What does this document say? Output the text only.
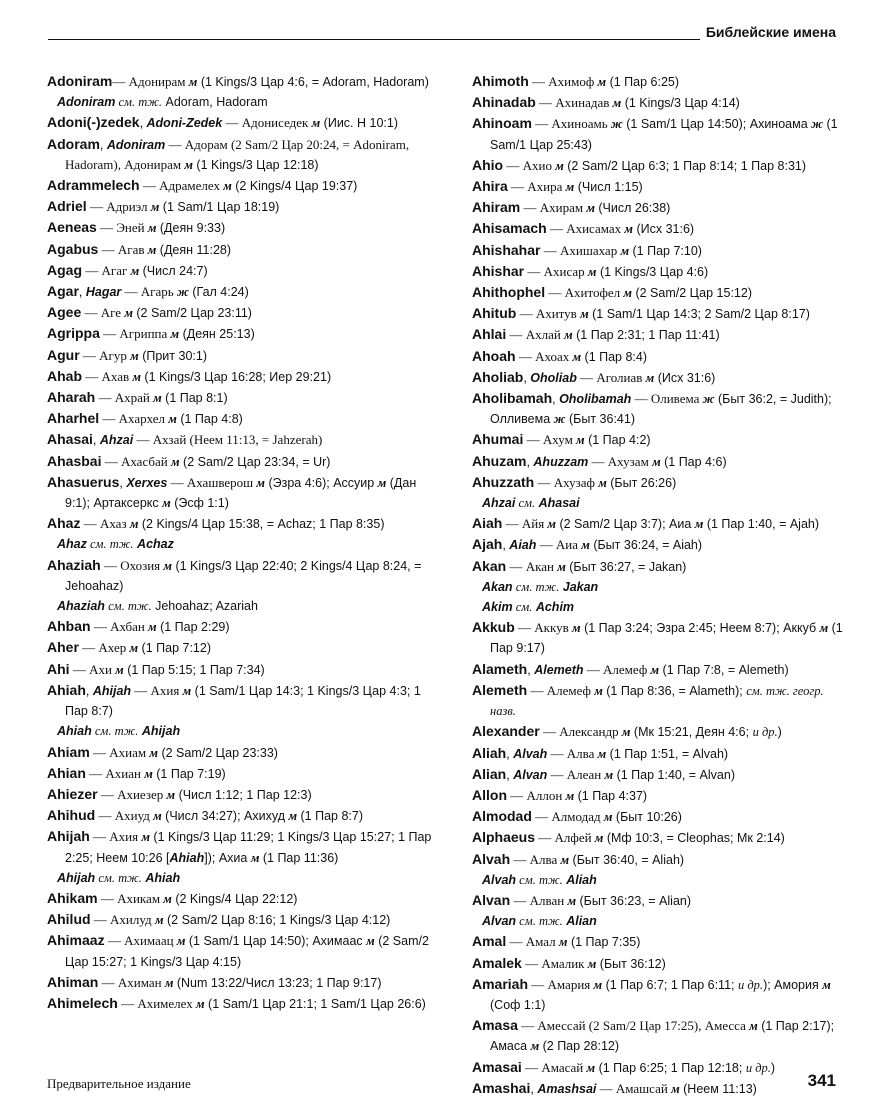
Библейские имена
Adoniram— Адонирам м (1 Kings/3 Цар 4:6, = Adoram, Hadoram)
Adoniram см. тж. Adoram, Hadoram
Adoni(-)zedek, Adoni-Zedek — Адониседек м (Иис. Н 10:1)
Adoram, Adoniram — Адорам (2 Sam/2 Цар 20:24, = Adoniram, Hadoram), Адонирам м (1 Kings/3 Цар 12:18)
Adrammelech — Адрамелех м (2 Kings/4 Цар 19:37)
Adriel — Адриэл м (1 Sam/1 Цар 18:19)
Aeneas — Эней м (Деян 9:33)
Agabus — Агав м (Деян 11:28)
Agag — Агаг м (Числ 24:7)
Agar, Hagar — Агарь ж (Гал 4:24)
Agee — Аге м (2 Sam/2 Цар 23:11)
Agrippa — Агриппа м (Деян 25:13)
Agur — Агур м (Прит 30:1)
Ahab — Ахав м (1 Kings/3 Цар 16:28; Иер 29:21)
Aharah — Ахрай м (1 Пар 8:1)
Aharhel — Ахархел м (1 Пар 4:8)
Ahasai, Ahzai — Ахзай (Неем 11:13, = Jahzerah)
Ahasbai — Ахасбай м (2 Sam/2 Цар 23:34, = Ur)
Ahasuerus, Xerxes — Ахашверош м (Эзра 4:6); Ассуир м (Дан 9:1); Артаксеркс м (Эсф 1:1)
Ahaz — Ахаз м (2 Kings/4 Цар 15:38, = Achaz; 1 Пар 8:35)
Ahaz см. тж. Achaz
Ahaziah — Охозия м (1 Kings/3 Цар 22:40; 2 Kings/4 Цар 8:24, = Jehoahaz)
Ahaziah см. тж. Jehoahaz; Azariah
Ahban — Ахбан м (1 Пар 2:29)
Aher — Ахер м (1 Пар 7:12)
Ahi — Ахи м (1 Пар 5:15; 1 Пар 7:34)
Ahiah, Ahijah — Ахия м (1 Sam/1 Цар 14:3; 1 Kings/3 Цар 4:3; 1 Пар 8:7)
Ahiah см. тж. Ahijah
Ahiam — Ахиам м (2 Sam/2 Цар 23:33)
Ahian — Ахиан м (1 Пар 7:19)
Ahiezer — Ахиезер м (Числ 1:12; 1 Пар 12:3)
Ahihud — Ахиуд м (Числ 34:27); Ахихуд м (1 Пар 8:7)
Ahijah — Ахия м (1 Kings/3 Цар 11:29; 1 Kings/3 Цар 15:27; 1 Пар 2:25; Неем 10:26 [Ahiah]); Ахиа м (1 Пар 11:36)
Ahijah см. тж. Ahiah
Ahikam — Ахикам м (2 Kings/4 Цар 22:12)
Ahilud — Ахилуд м (2 Sam/2 Цар 8:16; 1 Kings/3 Цар 4:12)
Ahimaaz — Ахимаац м (1 Sam/1 Цар 14:50); Ахимаас м (2 Sam/2 Цар 15:27; 1 Kings/3 Цар 4:15)
Ahiman — Ахиман м (Num 13:22/Числ 13:23; 1 Пар 9:17)
Ahimelech — Ахимелех м (1 Sam/1 Цар 21:1; 1 Sam/1 Цар 26:6)
Ahimoth — Ахимоф м (1 Пар 6:25)
Ahinadab — Ахинадав м (1 Kings/3 Цар 4:14)
Ahinoam — Ахиноамь ж (1 Sam/1 Цар 14:50); Ахиноама ж (1 Sam/1 Цар 25:43)
Ahio — Ахио м (2 Sam/2 Цар 6:3; 1 Пар 8:14; 1 Пар 8:31)
Ahira — Ахира м (Числ 1:15)
Ahiram — Ахирам м (Числ 26:38)
Ahisamach — Ахисамах м (Исх 31:6)
Ahishahar — Ахишахар м (1 Пар 7:10)
Ahishar — Ахисар м (1 Kings/3 Цар 4:6)
Ahithophel — Ахитофел м (2 Sam/2 Цар 15:12)
Ahitub — Ахитув м (1 Sam/1 Цар 14:3; 2 Sam/2 Цар 8:17)
Ahlai — Ахлай м (1 Пар 2:31; 1 Пар 11:41)
Ahoah — Ахоах м (1 Пар 8:4)
Aholiab, Oholiab — Аголиав м (Исх 31:6)
Aholibamah, Oholibamah — Оливема ж (Быт 36:2, = Judith); Олливема ж (Быт 36:41)
Ahumai — Ахум м (1 Пар 4:2)
Ahuzam, Ahuzzam — Ахузам м (1 Пар 4:6)
Ahuzzath — Ахузаф м (Быт 26:26)
Ahzai см. Ahasai
Aiah — Айя м (2 Sam/2 Цар 3:7); Аиа м (1 Пар 1:40, = Ajah)
Ajah, Aiah — Аиа м (Быт 36:24, = Aiah)
Akan — Акан м (Быт 36:27, = Jakan)
Akan см. тж. Jakan
Akim см. Achim
Akkub — Аккув м (1 Пар 3:24; Эзра 2:45; Неем 8:7); Аккуб м (1 Пар 9:17)
Alameth, Alemeth — Алемеф м (1 Пар 7:8, = Alemeth)
Alemeth — Алемеф м (1 Пар 8:36, = Alameth); см. тж. геогр. назв.
Alexander — Александр м (Мк 15:21, Деян 4:6; и др.)
Aliah, Alvah — Алва м (1 Пар 1:51, = Alvah)
Alian, Alvan — Алеан м (1 Пар 1:40, = Alvan)
Allon — Аллон м (1 Пар 4:37)
Almodad — Алмодад м (Быт 10:26)
Alphaeus — Алфей м (Мф 10:3, = Cleophas; Мк 2:14)
Alvah — Алва м (Быт 36:40, = Aliah)
Alvah см. тж. Aliah
Alvan — Алван м (Быт 36:23, = Alian)
Alvan см. тж. Alian
Amal — Амал м (1 Пар 7:35)
Amalek — Амалик м (Быт 36:12)
Amariah — Амария м (1 Пар 6:7; 1 Пар 6:11; и др.); Амория м (Соф 1:1)
Amasa — Амессай (2 Sam/2 Цар 17:25), Амесса м (1 Пар 2:17); Амаса м (2 Пар 28:12)
Amasai — Амасай м (1 Пар 6:25; 1 Пар 12:18; и др.)
Amashai, Amashsai — Амашсай м (Неем 11:13)
Предварительное издание	341
